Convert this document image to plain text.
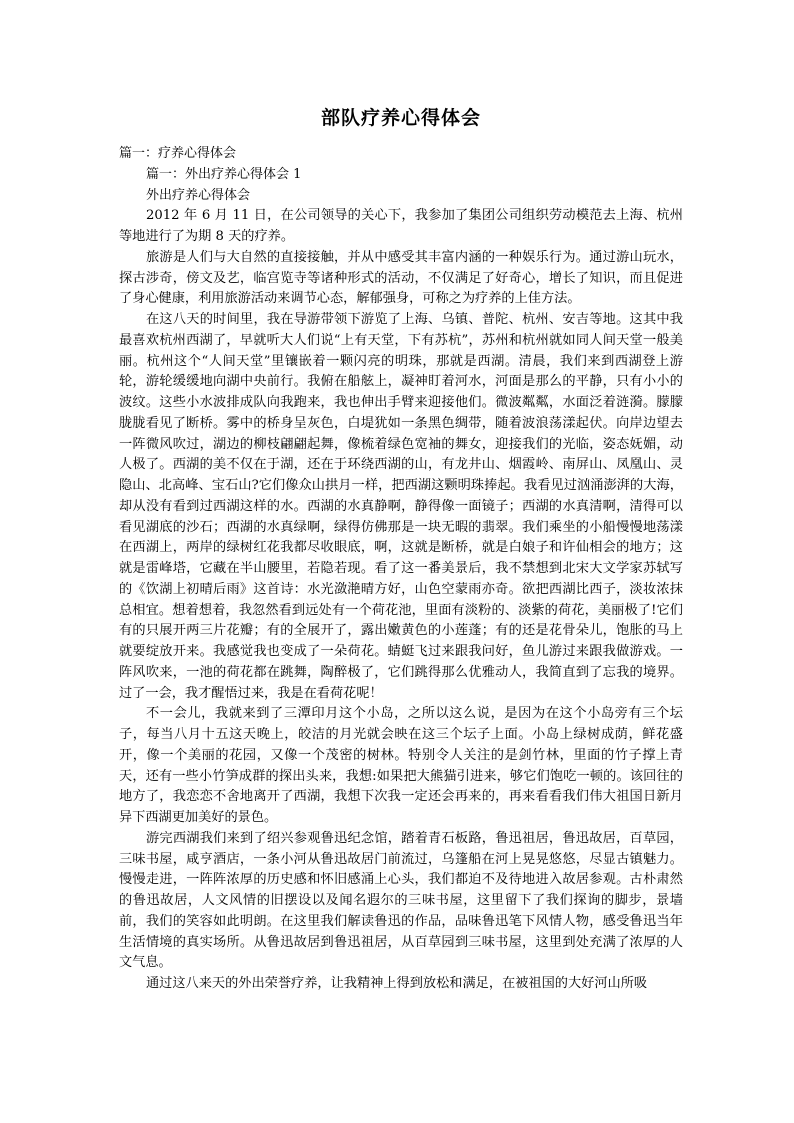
部队疗养心得体会

篇一：疗养心得体会

篇一：外出疗养心得体会 1

外出疗养心得体会

2012 年 6 月 11 日，在公司领导的关心下，我参加了集团公司组织劳动模范去上海、杭州等地进行了为期 8 天的疗养。

旅游是人们与大自然的直接接触，并从中感受其丰富内涵的一种娱乐行为。通过游山玩水，探古涉奇，傍文及艺，临宫览寺等诸种形式的活动，不仅满足了好奇心，增长了知识，而且促进了身心健康，利用旅游活动来调节心态，解郁强身，可称之为疗养的上佳方法。

在这八天的时间里，我在导游带领下游览了上海、乌镇、普陀、杭州、安吉等地。这其中我最喜欢杭州西湖了，早就听大人们说“上有天堂，下有苏杭”，苏州和杭州就如同人间天堂一般美丽。杭州这个“人间天堂”里镶嵌着一颗闪亮的明珠，那就是西湖。清晨，我们来到西湖登上游轮，游轮缓缓地向湖中央前行。我俯在船舷上，凝神盯着河水，河面是那么的平静，只有小小的波纹。这些小水波排成队向我跑来，我也伸出手臂来迎接他们。微波粼粼，水面泛着涟漪。朦朦胧胧看见了断桥。雾中的桥身呈灰色，白堤犹如一条黑色绸带，随着波浪荡漾起伏。向岸边望去一阵微风吹过，湖边的柳枝翩翩起舞，像梳着绿色宽袖的舞女，迎接我们的光临，姿态妩媚，动人极了。西湖的美不仅在于湖，还在于环绕西湖的山，有龙井山、烟霞岭、南屏山、凤凰山、灵隐山、北高峰、宝石山?它们像众山拱月一样，把西湖这颗明珠捧起。我看见过汹涌澎湃的大海，却从没有看到过西湖这样的水。西湖的水真静啊，静得像一面镜子；西湖的水真清啊，清得可以看见湖底的沙石；西湖的水真绿啊，绿得仿佛那是一块无暇的翡翠。我们乘坐的小船慢慢地荡漾在西湖上，两岸的绿树红花我都尽收眼底，啊，这就是断桥，就是白娘子和许仙相会的地方；这就是雷峰塔，它藏在半山腰里，若隐若现。看了这一番美景后，我不禁想到北宋大文学家苏轼写的《饮湖上初晴后雨》这首诗：水光潋滟晴方好，山色空蒙雨亦奇。欲把西湖比西子，淡妆浓抹总相宜。想着想着，我忽然看到远处有一个荷花池，里面有淡粉的、淡紫的荷花，美丽极了!它们有的只展开两三片花瓣；有的全展开了，露出嫩黄色的小莲蓬；有的还是花骨朵儿，饱胀的马上就要绽放开来。我感觉我也变成了一朵荷花。蜻蜓飞过来跟我问好，鱼儿游过来跟我做游戏。一阵风吹来，一池的荷花都在跳舞，陶醉极了，它们跳得那么优雅动人，我简直到了忘我的境界。过了一会，我才醒悟过来，我是在看荷花呢！

不一会儿，我就来到了三潭印月这个小岛，之所以这么说，是因为在这个小岛旁有三个坛子，每当八月十五这天晚上，皎洁的月光就会映在这三个坛子上面。小岛上绿树成荫，鲜花盛开，像一个美丽的花园，又像一个茂密的树林。特别令人关注的是剑竹林，里面的竹子撑上青天，还有一些小竹笋成群的探出头来，我想:如果把大熊猫引进来，够它们饱吃一顿的。该回往的地方了，我恋恋不舍地离开了西湖，我想下次我一定还会再来的，再来看看我们伟大祖国日新月异下西湖更加美好的景色。

游完西湖我们来到了绍兴参观鲁迅纪念馆，踏着青石板路，鲁迅祖居，鲁迅故居，百草园，三味书屋，咸亨酒店，一条小河从鲁迅故居门前流过，乌篷船在河上晃晃悠悠，尽显古镇魅力。慢慢走进，一阵阵浓厚的历史感和怀旧感涌上心头，我们都迫不及待地进入故居参观。古朴肃然的鲁迅故居，人文风情的旧摆设以及闻名遐尔的三味书屋，这里留下了我们探询的脚步，景墙前，我们的笑容如此明朗。在这里我们解读鲁迅的作品，品味鲁迅笔下风情人物，感受鲁迅当年生活情境的真实场所。从鲁迅故居到鲁迅祖居，从百草园到三味书屋，这里到处充满了浓厚的人文气息。

通过这八来天的外出荣誉疗养，让我精神上得到放松和满足，在被祖国的大好河山所吸
